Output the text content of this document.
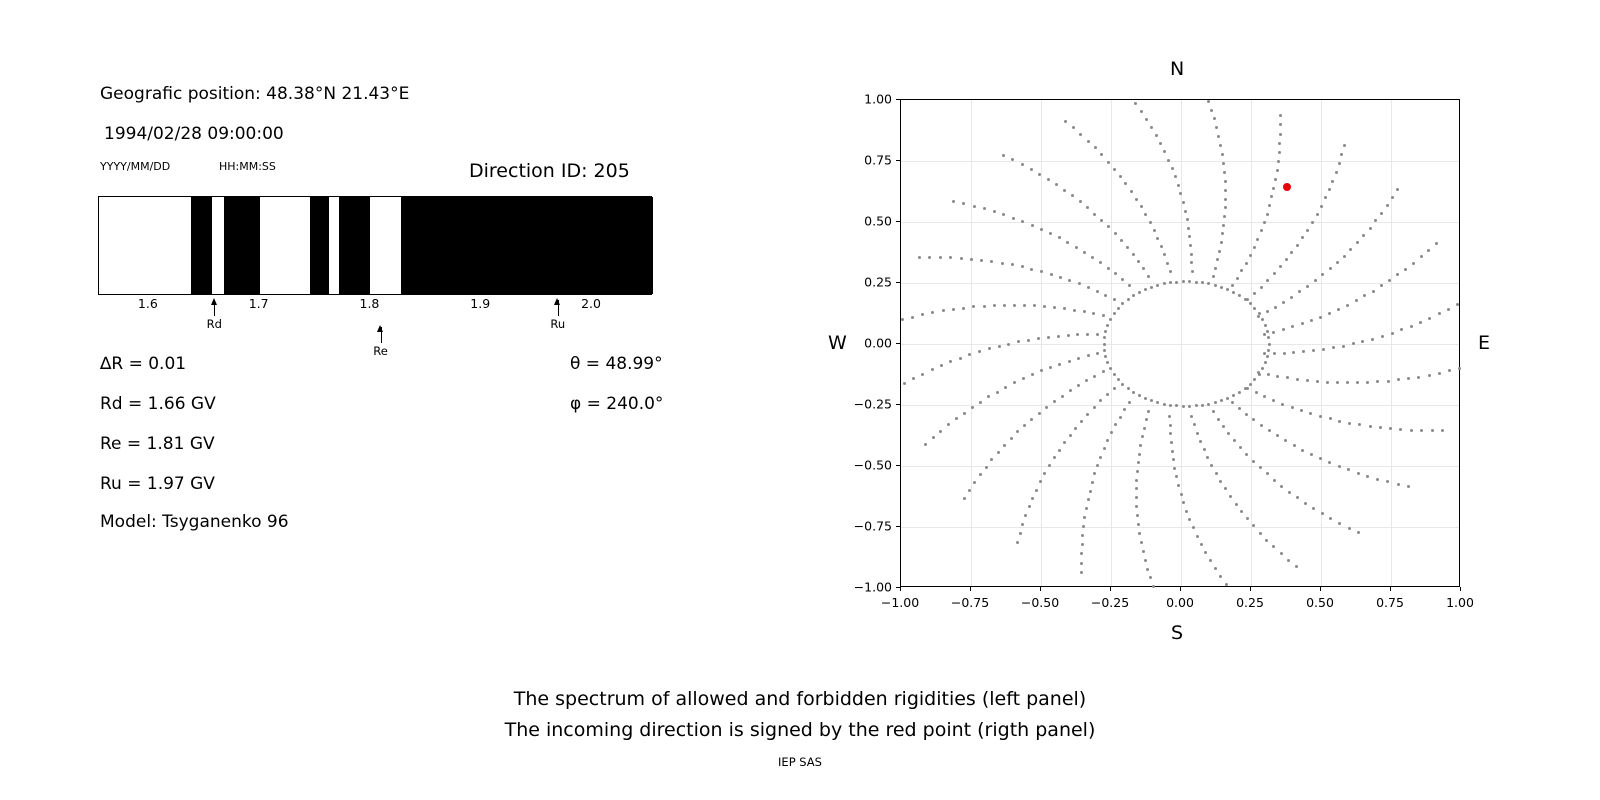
Geografic position: 48.38°N 21.43°E
1994/02/28 09:00:00
YYYY/MM/DD	HH:MM:SS	Direction ID: 205
1.6	1.7	1.8	1.9	2.0
∆R = 0.01
Rd = 1.66 GV
Re = 1.81 GV
Ru = 1.97 GV
Model: Tsyganenko 96
θ = 48.99°
φ = 240.0°
Rd
Re
Ru
N
S
W	E
−1.00	−0.75	−0.50	−0.25	0.00	0.25	0.50	0.75	1.00
−1.00
−0.75
−0.50
−0.25
0.00
0.25
0.50
0.75
1.00
The spectrum of allowed and forbidden rigidities (left panel)
The incoming direction is signed by the red point (rigth panel)
IEP SAS
